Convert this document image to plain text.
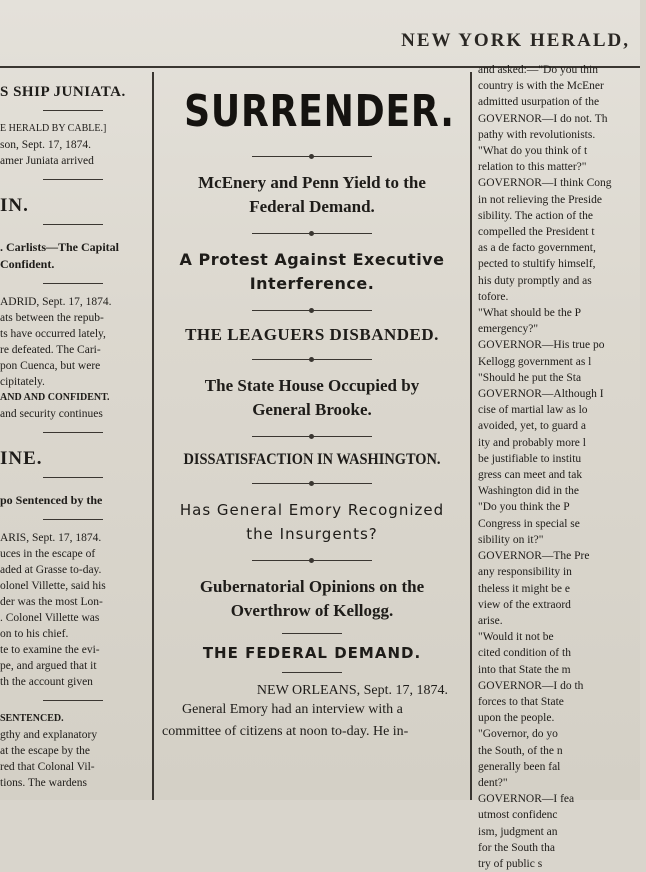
NEW YORK HERALD,
S SHIP JUNIATA.
E HERALD BY CABLE.]
son, Sept. 17, 1874.
amer Juniata arrived
IN.
. Carlists—The Capital
Confident.
ADRID, Sept. 17, 1874.
ats between the repub-
ts have occurred lately,
re defeated. The Cari-
pon Cuenca, but were
cipitately.
AND AND CONFIDENT.
and security continues
INE.
po Sentenced by the
ARIS, Sept. 17, 1874.
uces in the escape of
aded at Grasse to-day.
olonel Villette, said his
der was the most Lon-
. Colonel Villette was
on to his chief.
te to examine the evi-
pe, and argued that it
th the account given
SENTENCED.
gthy and explanatory
at the escape by the
red that Colonal Vil-
tions. The wardens
SURRENDER.
McEnery and Penn Yield to the
Federal Demand.
A Protest Against Executive
Interference.
THE LEAGUERS DISBANDED.
The State House Occupied by
General Brooke.
DISSATISFACTION IN WASHINGTON.
Has General Emory Recognized
the Insurgents?
Gubernatorial Opinions on the
Overthrow of Kellogg.
THE FEDERAL DEMAND.
NEW ORLEANS, Sept. 17, 1874.
General Emory had an interview with a
committee of citizens at noon to-day. He in-

and asked:—"Do you thin

country is with the McEner

admitted usurpation of the

GOVERNOR—I do not. Th

pathy with revolutionists.

"What do you think of t

relation to this matter?"

GOVERNOR—I think Cong

in not relieving the Preside

sibility. The action of the

compelled the President t

as a de facto government,

pected to stultify himself,

his duty promptly and as

tofore.

"What should be the P

emergency?"

GOVERNOR—His true po

Kellogg government as l

"Should he put the Sta

GOVERNOR—Although I

cise of martial law as lo

avoided, yet, to guard a

ity and probably more l

be justifiable to institu

gress can meet and tak

Washington did in the

"Do you think the P

Congress in special se

sibility on it?"

GOVERNOR—The Pre

any responsibility in

theless it might be e

view of the extraord

arise.

"Would it not be

cited condition of th

into that State the m

GOVERNOR—I do th

forces to that State

upon the people.

"Governor, do yo

the South, of the n

generally been fal

dent?"

GOVERNOR—I fea

utmost confidenc

ism, judgment an

for the South tha

try of public s
